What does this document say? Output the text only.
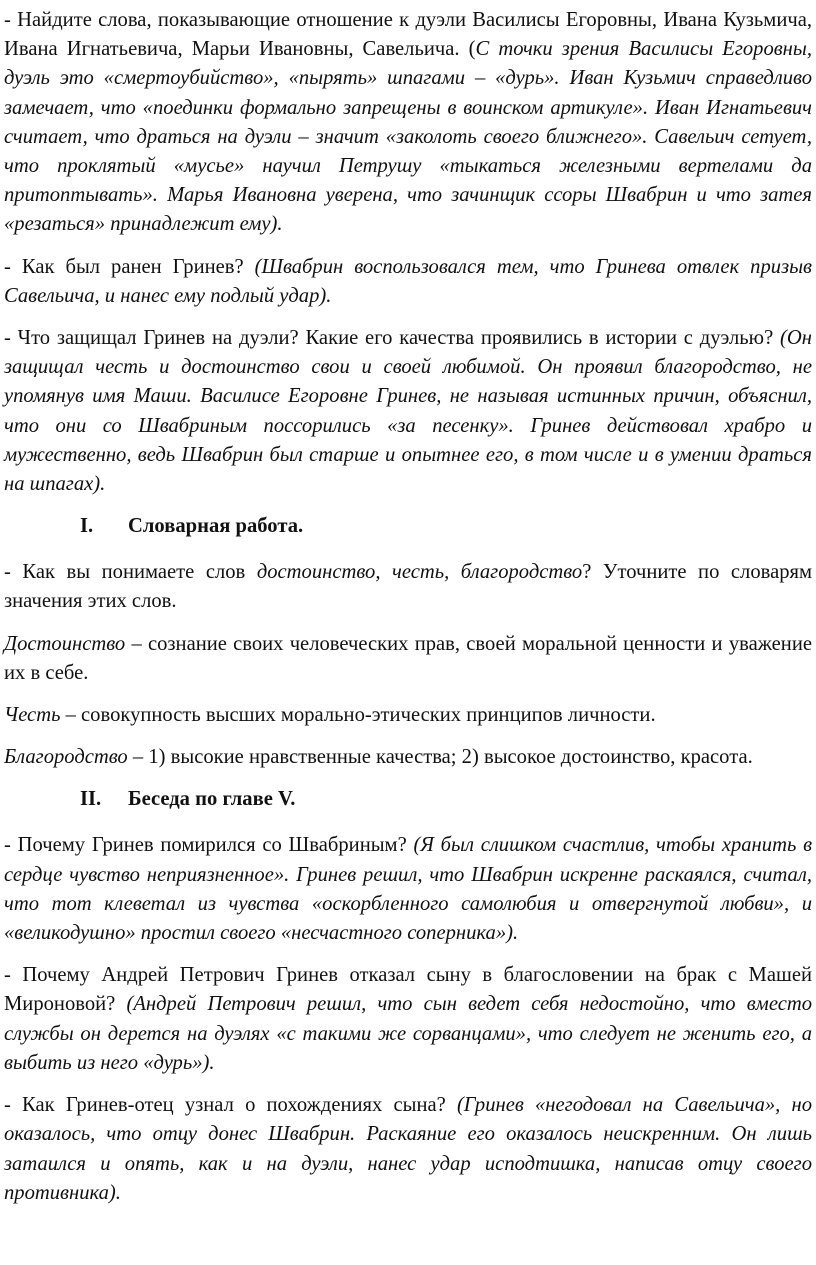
- Найдите слова, показывающие отношение к дуэли Василисы Егоровны, Ивана Кузьмича, Ивана Игнатьевича, Марьи Ивановны, Савельича. (С точки зрения Василисы Егоровны, дуэль это «смертоубийство», «пырять» шпагами – «дурь». Иван Кузьмич справедливо замечает, что «поединки формально запрещены в воинском артикуле». Иван Игнатьевич считает, что драться на дуэли – значит «заколоть своего ближнего». Савельич сетует, что проклятый «мусье» научил Петрушу «тыкаться железными вертелами да притоптывать». Марья Ивановна уверена, что зачинщик ссоры Швабрин и что затея «резаться» принадлежит ему).

- Как был ранен Гринев? (Швабрин воспользовался тем, что Гринева отвлек призыв Савельича, и нанес ему подлый удар).

- Что защищал Гринев на дуэли? Какие его качества проявились в истории с дуэлью? (Он защищал честь и достоинство свои и своей любимой. Он проявил благородство, не упомянув имя Маши. Василисе Егоровне Гринев, не называя истинных причин, объяснил, что они со Швабриным поссорились «за песенку». Гринев действовал храбро и мужественно, ведь Швабрин был старше и опытнее его, в том числе и в умении драться на шпагах).

I.	Словарная работа.

- Как вы понимаете слов достоинство, честь, благородство? Уточните по словарям значения этих слов.

Достоинство – сознание своих человеческих прав, своей моральной ценности и уважение их в себе.

Честь – совокупность высших морально-этических принципов личности.

Благородство – 1) высокие нравственные качества; 2) высокое достоинство, красота.

II.	Беседа по главе V.

- Почему Гринев помирился со Швабриным? (Я был слишком счастлив, чтобы хранить в сердце чувство неприязненное». Гринев решил, что Швабрин искренне раскаялся, считал, что тот клеветал из чувства «оскорбленного самолюбия и отвергнутой любви», и «великодушно» простил своего «несчастного соперника»).

- Почему Андрей Петрович Гринев отказал сыну в благословении на брак с Машей Мироновой? (Андрей Петрович решил, что сын ведет себя недостойно, что вместо службы он дерется на дуэлях «с такими же сорванцами», что следует не женить его, а выбить из него «дурь»).

- Как Гринев-отец узнал о похождениях сына? (Гринев «негодовал на Савельича», но оказалось, что отцу донес Швабрин. Раскаяние его оказалось неискренним. Он лишь затаился и опять, как и на дуэли, нанес удар исподтишка, написав отцу своего противника).
